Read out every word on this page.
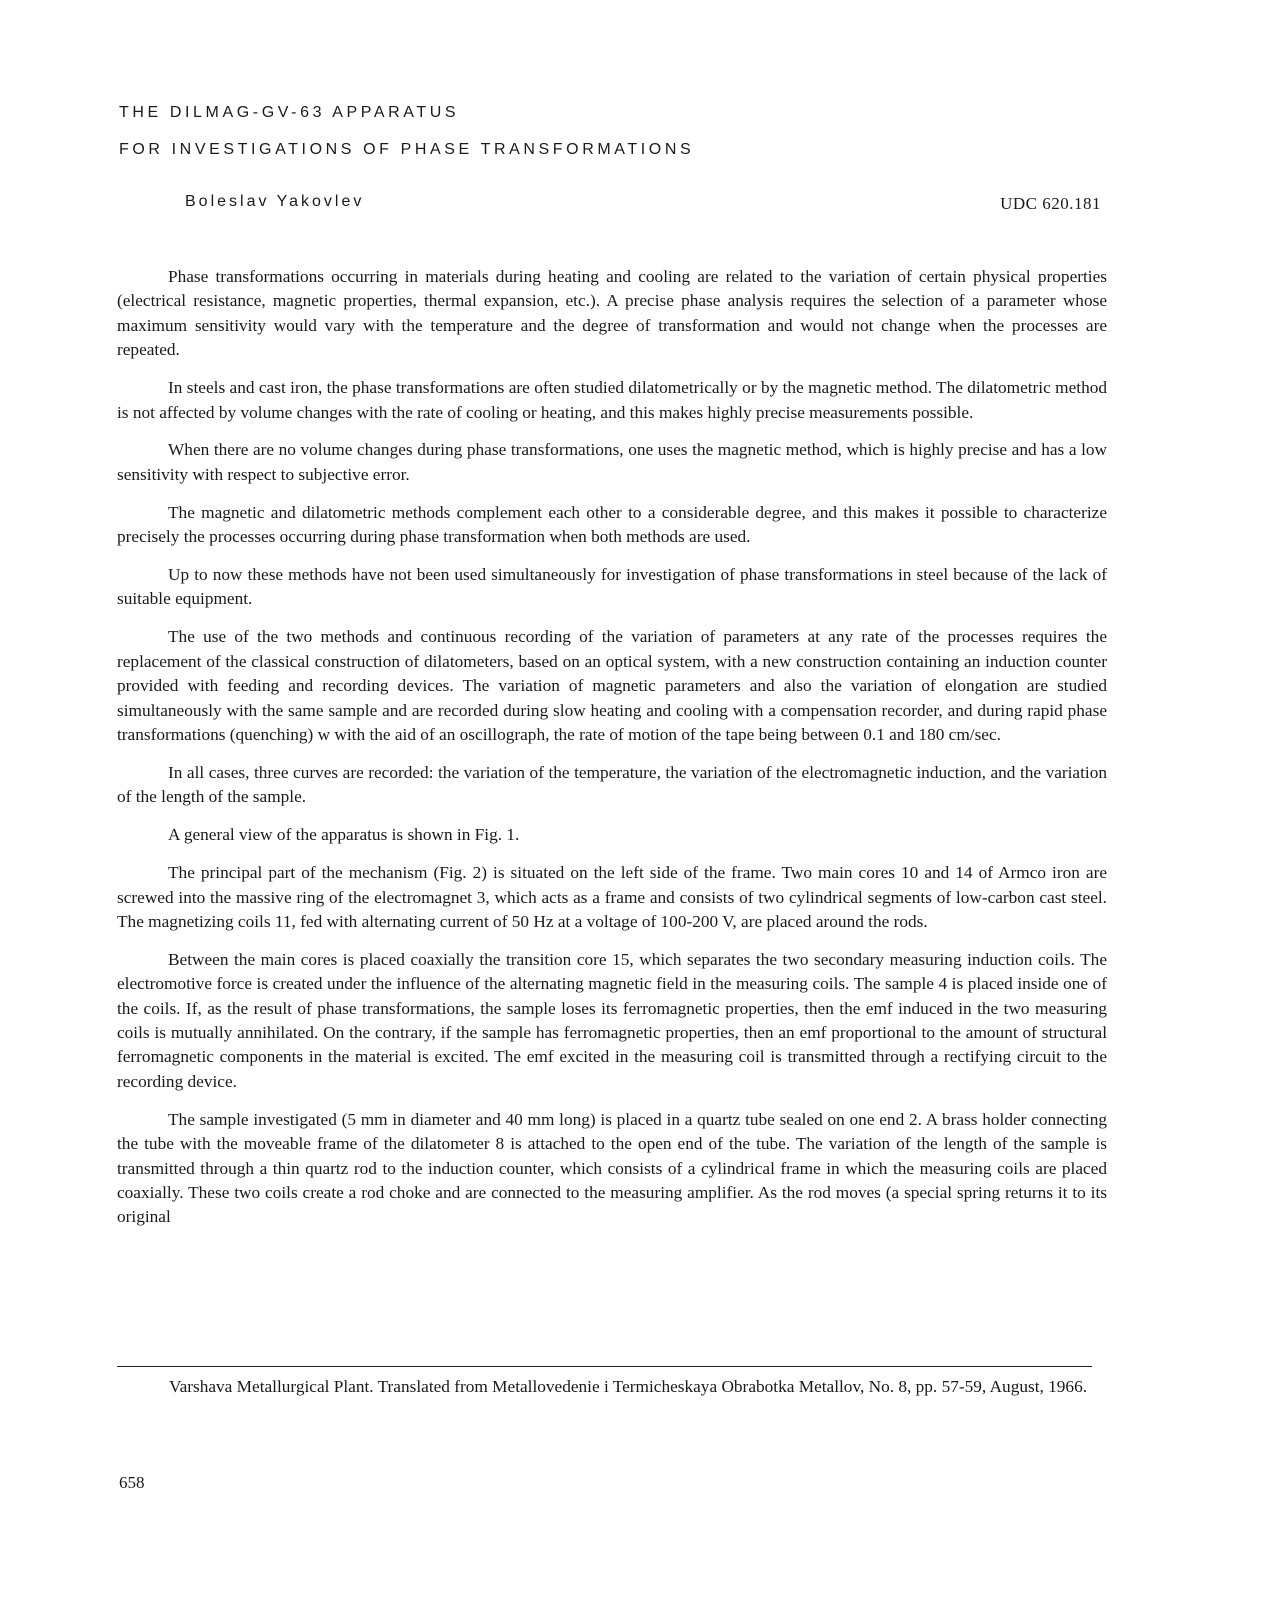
THE DILMAG-GV-63 APPARATUS
FOR INVESTIGATIONS OF PHASE TRANSFORMATIONS
Boleslav Yakovlev	UDC 620.181

Phase transformations occurring in materials during heating and cooling are related to the variation of certain physical properties (electrical resistance, magnetic properties, thermal expansion, etc.). A precise phase analysis requires the selection of a parameter whose maximum sensitivity would vary with the temperature and the degree of transformation and would not change when the processes are repeated.

In steels and cast iron, the phase transformations are often studied dilatometrically or by the magnetic method. The dilatometric method is not affected by volume changes with the rate of cooling or heating, and this makes highly precise measurements possible.

When there are no volume changes during phase transformations, one uses the magnetic method, which is highly precise and has a low sensitivity with respect to subjective error.

The magnetic and dilatometric methods complement each other to a considerable degree, and this makes it possible to characterize precisely the processes occurring during phase transformation when both methods are used.

Up to now these methods have not been used simultaneously for investigation of phase transformations in steel because of the lack of suitable equipment.

The use of the two methods and continuous recording of the variation of parameters at any rate of the processes requires the replacement of the classical construction of dilatometers, based on an optical system, with a new construction containing an induction counter provided with feeding and recording devices. The variation of magnetic parameters and also the variation of elongation are studied simultaneously with the same sample and are recorded during slow heating and cooling with a compensation recorder, and during rapid phase transformations (quenching) w with the aid of an oscillograph, the rate of motion of the tape being between 0.1 and 180 cm/sec.

In all cases, three curves are recorded: the variation of the temperature, the variation of the electromagnetic induction, and the variation of the length of the sample.

A general view of the apparatus is shown in Fig. 1.

The principal part of the mechanism (Fig. 2) is situated on the left side of the frame. Two main cores 10 and 14 of Armco iron are screwed into the massive ring of the electromagnet 3, which acts as a frame and consists of two cylindrical segments of low-carbon cast steel. The magnetizing coils 11, fed with alternating current of 50 Hz at a voltage of 100-200 V, are placed around the rods.

Between the main cores is placed coaxially the transition core 15, which separates the two secondary measuring induction coils. The electromotive force is created under the influence of the alternating magnetic field in the measuring coils. The sample 4 is placed inside one of the coils. If, as the result of phase transformations, the sample loses its ferromagnetic properties, then the emf induced in the two measuring coils is mutually annihilated. On the contrary, if the sample has ferromagnetic properties, then an emf proportional to the amount of structural ferromagnetic components in the material is excited. The emf excited in the measuring coil is transmitted through a rectifying circuit to the recording device.

The sample investigated (5 mm in diameter and 40 mm long) is placed in a quartz tube sealed on one end 2. A brass holder connecting the tube with the moveable frame of the dilatometer 8 is attached to the open end of the tube. The variation of the length of the sample is transmitted through a thin quartz rod to the induction counter, which consists of a cylindrical frame in which the measuring coils are placed coaxially. These two coils create a rod choke and are connected to the measuring amplifier. As the rod moves (a special spring returns it to its original

Varshava Metallurgical Plant. Translated from Metallovedenie i Termicheskaya Obrabotka Metallov, No. 8, pp. 57-59, August, 1966.
658
